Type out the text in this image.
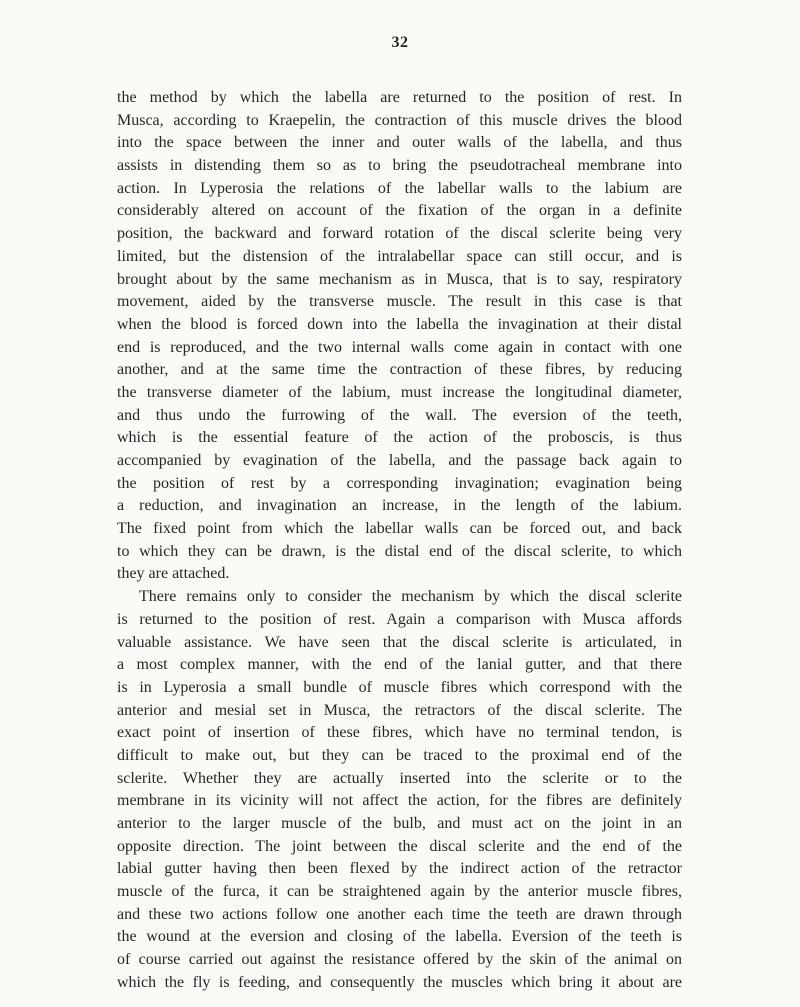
32
the method by which the labella are returned to the position of rest. In
Musca, according to Kraepelin, the contraction of this muscle drives the blood
into the space between the inner and outer walls of the labella, and thus
assists in distending them so as to bring the pseudotracheal membrane into
action. In Lyperosia the relations of the labellar walls to the labium are
considerably altered on account of the fixation of the organ in a definite
position, the backward and forward rotation of the discal sclerite being very
limited, but the distension of the intralabellar space can still occur, and is
brought about by the same mechanism as in Musca, that is to say, respiratory
movement, aided by the transverse muscle. The result in this case is that
when the blood is forced down into the labella the invagination at their distal
end is reproduced, and the two internal walls come again in contact with one
another, and at the same time the contraction of these fibres, by reducing
the transverse diameter of the labium, must increase the longitudinal diameter,
and thus undo the furrowing of the wall. The eversion of the teeth,
which is the essential feature of the action of the proboscis, is thus
accompanied by evagination of the labella, and the passage back again to
the position of rest by a corresponding invagination; evagination being
a reduction, and invagination an increase, in the length of the labium.
The fixed point from which the labellar walls can be forced out, and back
to which they can be drawn, is the distal end of the discal sclerite, to which
they are attached.
There remains only to consider the mechanism by which the discal sclerite
is returned to the position of rest. Again a comparison with Musca affords
valuable assistance. We have seen that the discal sclerite is articulated, in
a most complex manner, with the end of the lanial gutter, and that there
is in Lyperosia a small bundle of muscle fibres which correspond with the
anterior and mesial set in Musca, the retractors of the discal sclerite. The
exact point of insertion of these fibres, which have no terminal tendon, is
difficult to make out, but they can be traced to the proximal end of the
sclerite. Whether they are actually inserted into the sclerite or to the
membrane in its vicinity will not affect the action, for the fibres are definitely
anterior to the larger muscle of the bulb, and must act on the joint in an
opposite direction. The joint between the discal sclerite and the end of the
labial gutter having then been flexed by the indirect action of the retractor
muscle of the furca, it can be straightened again by the anterior muscle fibres,
and these two actions follow one another each time the teeth are drawn through
the wound at the eversion and closing of the labella. Eversion of the teeth is
of course carried out against the resistance offered by the skin of the animal on
which the fly is feeding, and consequently the muscles which bring it about are
